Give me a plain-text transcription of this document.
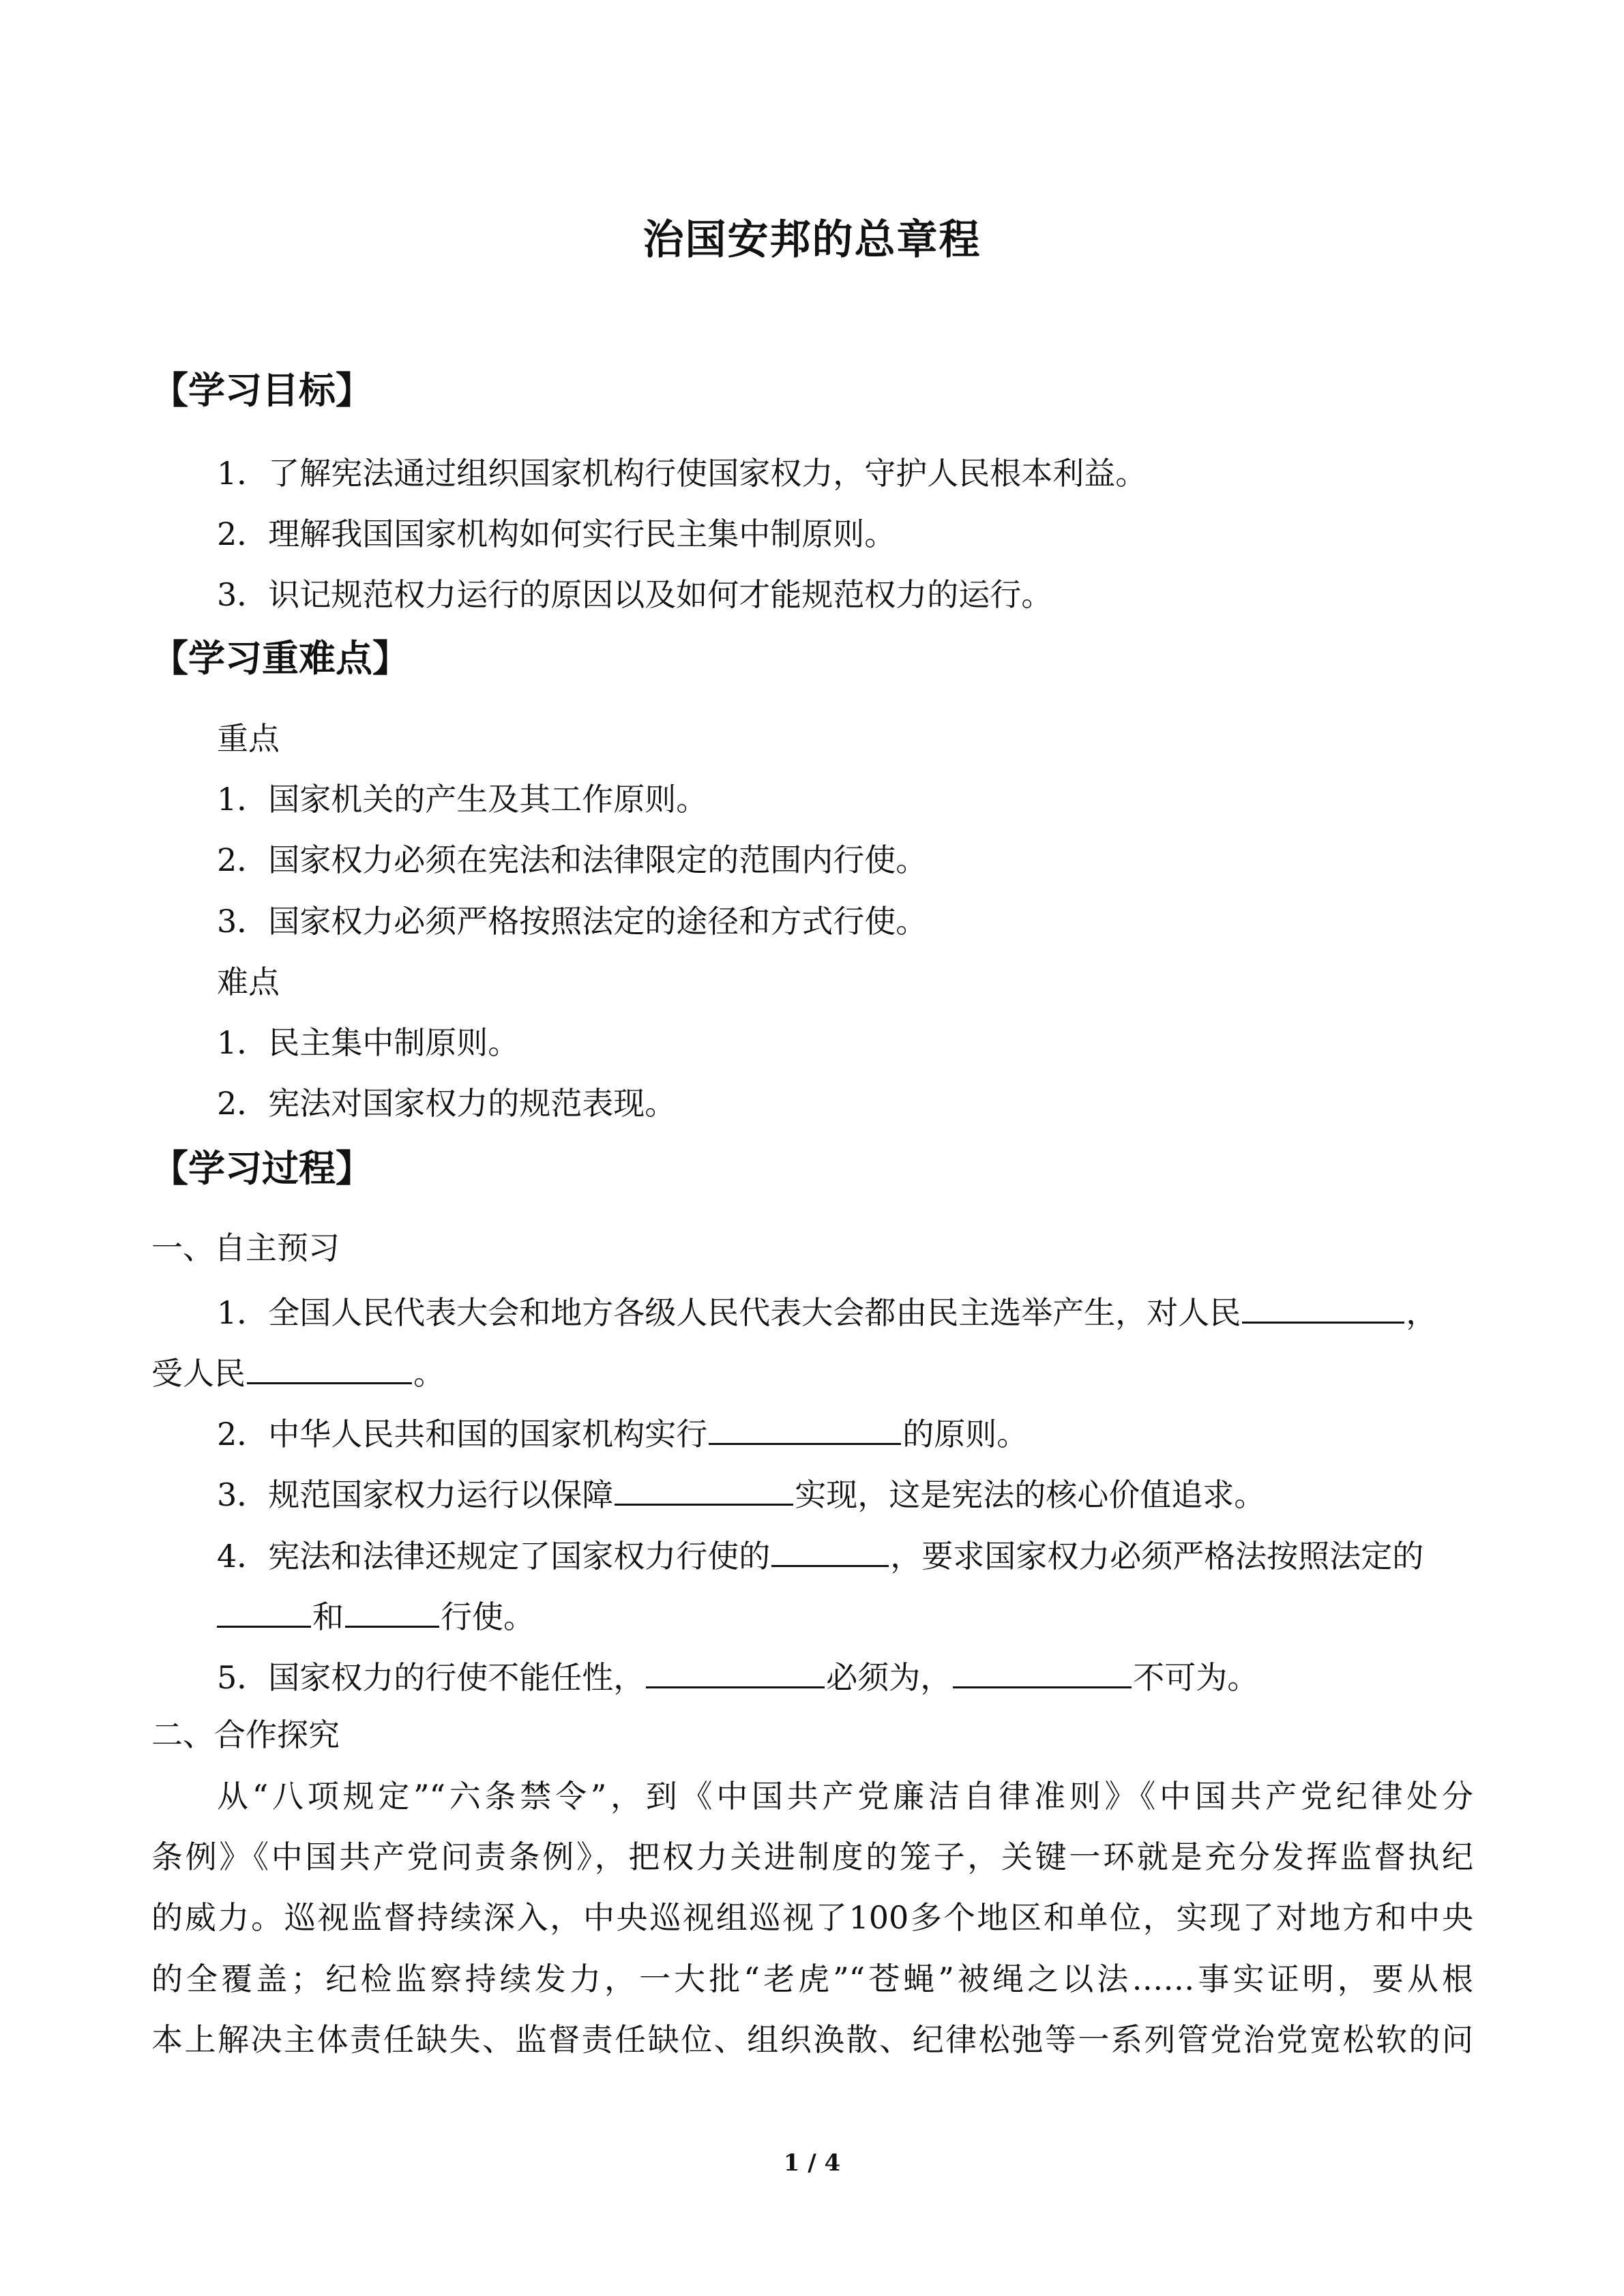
治国安邦的总章程
【学习目标】
1．了解宪法通过组织国家机构行使国家权力，守护人民根本利益。
2．理解我国国家机构如何实行民主集中制原则。
3．识记规范权力运行的原因以及如何才能规范权力的运行。
【学习重难点】
重点
1．国家机关的产生及其工作原则。
2．国家权力必须在宪法和法律限定的范围内行使。
3．国家权力必须严格按照法定的途径和方式行使。
难点
1．民主集中制原则。
2．宪法对国家权力的规范表现。
【学习过程】
一、自主预习
1．全国人民代表大会和地方各级人民代表大会都由民主选举产生，对人民	，
受人民	。
2．中华人民共和国的国家机构实行	的原则。
3．规范国家权力运行以保障	实现，这是宪法的核心价值追求。
4．宪法和法律还规定了国家权力行使的	，要求国家权力必须严格法按照法定的
和	行使。
5．国家权力的行使不能任性，	必须为，	不可为。
二、合作探究
从“八项规定”“六条禁令”，到《中国共产党廉洁自律准则》《中国共产党纪律处分
条例》《中国共产党问责条例》，把权力关进制度的笼子，关键一环就是充分发挥监督执纪
的威力。巡视监督持续深入，中央巡视组巡视了100多个地区和单位，实现了对地方和中央
的全覆盖；纪检监察持续发力，一大批“老虎”“苍蝇”被绳之以法……事实证明，要从根
本上解决主体责任缺失、监督责任缺位、组织涣散、纪律松弛等一系列管党治党宽松软的问
1 / 4
